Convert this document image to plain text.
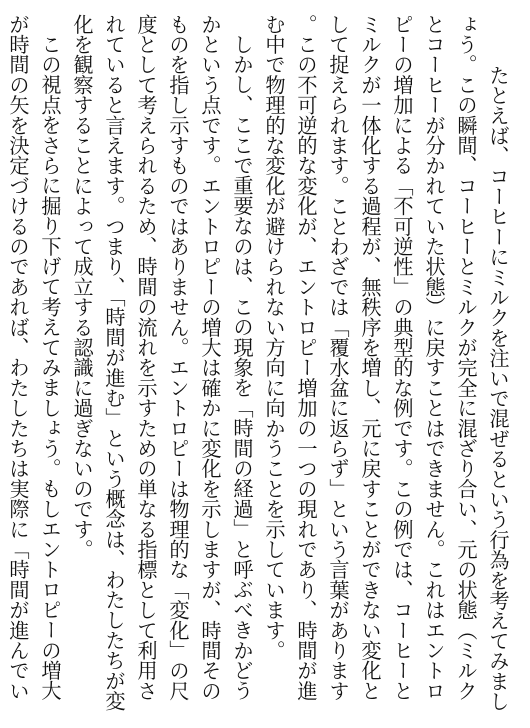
たとえば、コーヒーにミルクを注いで混ぜるという行為を考えてみましょう。この瞬間、コーヒーとミルクが完全に混ざり合い、元の状態（ミルクとコーヒーが分かれていた状態）に戻すことはできません。これはエントロピーの増加による「不可逆性」の典型的な例です。この例では、コーヒーとミルクが一体化する過程が、無秩序を増し、元に戻すことができない変化として捉えられます。ことわざでは「覆水盆に返らず」という言葉があります。この不可逆的な変化が、エントロピー増加の一つの現れであり、時間が進む中で物理的な変化が避けられない方向に向かうことを示しています。

しかし、ここで重要なのは、この現象を「時間の経過」と呼ぶべきかどうかという点です。エントロピーの増大は確かに変化を示しますが、時間そのものを指し示すものではありません。エントロピーは物理的な「変化」の尺度として考えられるため、時間の流れを示すための単なる指標として利用されていると言えます。つまり、「時間が進む」という概念は、わたしたちが変化を観察することによって成立する認識に過ぎないのです。

この視点をさらに掘り下げて考えてみましょう。もしエントロピーの増大が時間の矢を決定づけるのであれば、わたしたちは実際に「時間が進んでい
